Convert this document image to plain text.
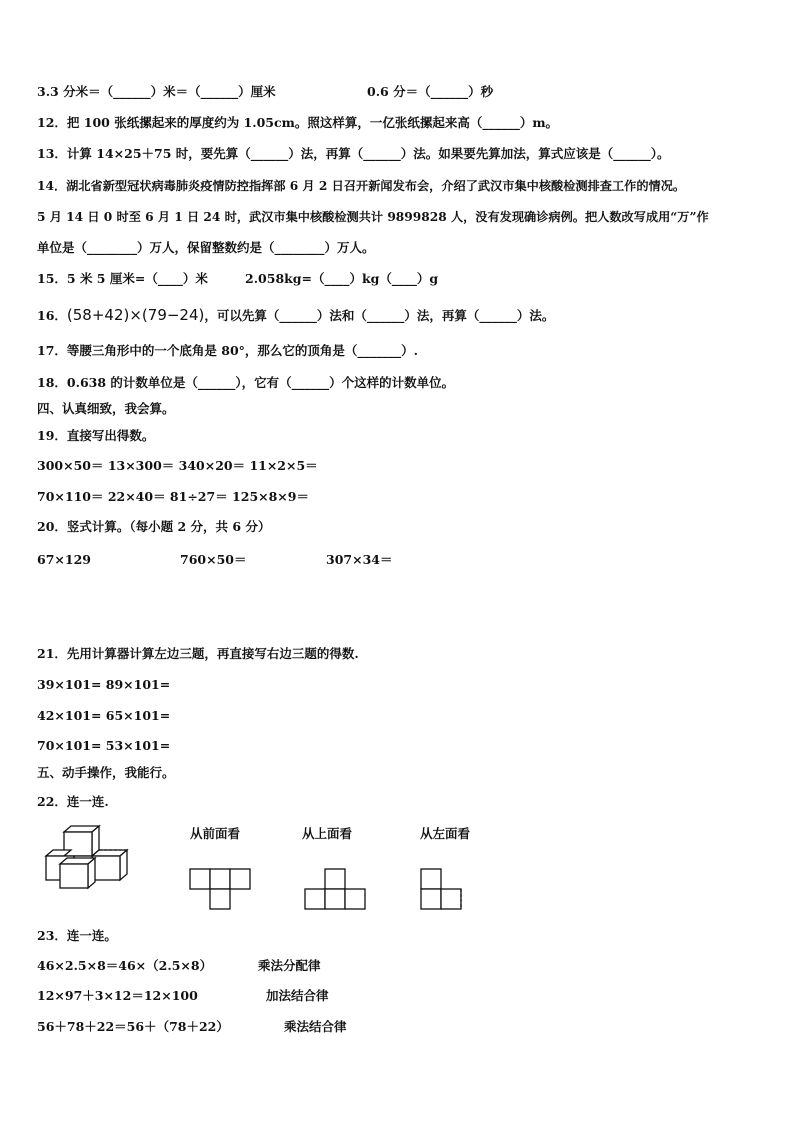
3.3 分米＝（______）米＝（______）厘米	0.6 分＝（______）秒
12．把 100 张纸摞起来的厚度约为 1.05cm。照这样算，一亿张纸摞起来高（______）m。
13．计算 14×25＋75 时，要先算（______）法，再算（______）法。如果要先算加法，算式应该是（______）。
14．湖北省新型冠状病毒肺炎疫情防控指挥部 6 月 2 日召开新闻发布会，介绍了武汉市集中核酸检测排查工作的情况。
5 月 14 日 0 时至 6 月 1 日 24 时，武汉市集中核酸检测共计 9899828 人，没有发现确诊病例。把人数改写成用“万”作
单位是（________）万人，保留整数约是（________）万人。
15．5 米 5 厘米=（____）米	2.058kg=（____）kg（____）g
16．(58+42)×(79−24)，可以先算（______）法和（______）法，再算（______）法。
17．等腰三角形中的一个底角是 80°，那么它的顶角是（_______）.
18．0.638 的计数单位是（______），它有（______）个这样的计数单位。
四、认真细致，我会算。
19．直接写出得数。
300×50＝ 13×300＝ 340×20＝ 11×2×5＝
70×110＝ 22×40＝ 81÷27＝ 125×8×9＝
20．竖式计算。（每小题 2 分，共 6 分）
67×129	760×50＝	307×34＝
21．先用计算器计算左边三题，再直接写右边三题的得数.
39×101= 89×101=
42×101= 65×101=
70×101= 53×101=
五、动手操作，我能行。
22．连一连.
从前面看	从上面看	从左面看
23．连一连。
46×2.5×8＝46×（2.5×8）
12×97＋3×12＝12×100
56＋78＋22＝56＋（78＋22）
乘法分配律
加法结合律
乘法结合律
